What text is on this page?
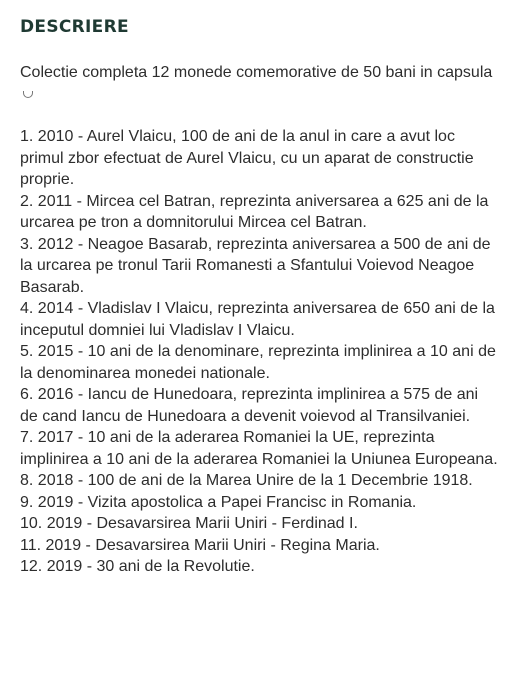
DESCRIERE

Colectie completa 12 monede comemorative de 50 bani in capsula

1. 2010 - Aurel Vlaicu, 100 de ani de la anul in care a avut loc primul zbor efectuat de Aurel Vlaicu, cu un aparat de constructie proprie.
2. 2011 - Mircea cel Batran, reprezinta aniversarea a 625 ani de la urcarea pe tron a domnitorului Mircea cel Batran.
3. 2012 - Neagoe Basarab, reprezinta aniversarea a 500 de ani de la urcarea pe tronul Tarii Romanesti a Sfantului Voievod Neagoe Basarab.
4. 2014 - Vladislav I Vlaicu, reprezinta aniversarea de 650 ani de la inceputul domniei lui Vladislav I Vlaicu.
5. 2015 - 10 ani de la denominare, reprezinta implinirea a 10 ani de la denominarea monedei nationale.
6. 2016 - Iancu de Hunedoara, reprezinta implinirea a 575 de ani de cand Iancu de Hunedoara a devenit voievod al Transilvaniei.
7. 2017 - 10 ani de la aderarea Romaniei la UE, reprezinta implinirea a 10 ani de la aderarea Romaniei la Uniunea Europeana.
8. 2018 - 100 de ani de la Marea Unire de la 1 Decembrie 1918.
9. 2019 - Vizita apostolica a Papei Francisc in Romania.
10. 2019 - Desavarsirea Marii Uniri - Ferdinad I.
11. 2019 - Desavarsirea Marii Uniri - Regina Maria.
12. 2019 - 30 ani de la Revolutie.
